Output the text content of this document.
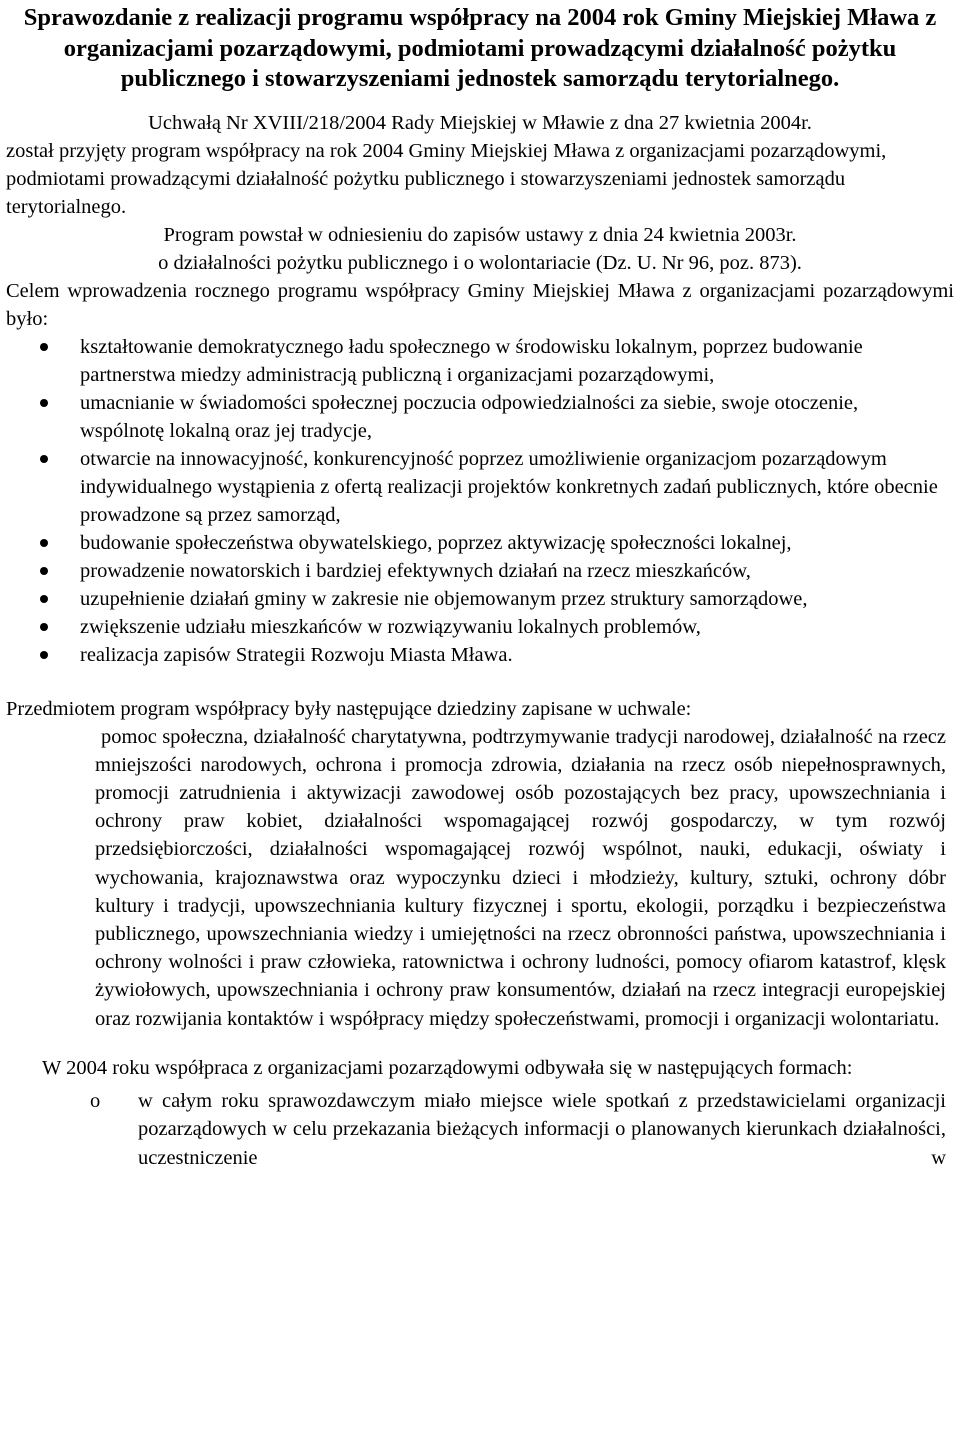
Sprawozdanie z realizacji programu współpracy na 2004 rok Gminy Miejskiej Mława z organizacjami pozarządowymi, podmiotami prowadzącymi działalność pożytku publicznego i stowarzyszeniami jednostek samorządu terytorialnego.

Uchwałą Nr XVIII/218/2004 Rady Miejskiej w Mławie z dna 27 kwietnia 2004r.

został przyjęty program współpracy na rok 2004 Gminy Miejskiej Mława z organizacjami pozarządowymi, podmiotami prowadzącymi działalność pożytku publicznego i stowarzyszeniami jednostek samorządu terytorialnego.

Program powstał w odniesieniu do zapisów ustawy z dnia 24 kwietnia 2003r.

o działalności pożytku publicznego i o wolontariacie (Dz. U. Nr 96, poz. 873).

Celem wprowadzenia rocznego programu współpracy Gminy Miejskiej Mława z organizacjami pozarządowymi było:

kształtowanie demokratycznego ładu społecznego w środowisku lokalnym, poprzez budowanie partnerstwa miedzy administracją publiczną i organizacjami pozarządowymi,
umacnianie w świadomości społecznej poczucia odpowiedzialności za siebie, swoje otoczenie, wspólnotę lokalną oraz jej tradycje,
otwarcie na innowacyjność, konkurencyjność poprzez umożliwienie organizacjom pozarządowym indywidualnego wystąpienia z ofertą realizacji projektów konkretnych zadań publicznych, które obecnie prowadzone są przez samorząd,
budowanie społeczeństwa obywatelskiego, poprzez aktywizację społeczności lokalnej,
prowadzenie nowatorskich i bardziej efektywnych działań na rzecz mieszkańców,
uzupełnienie działań gminy w zakresie nie objemowanym przez struktury samorządowe,
zwiększenie udziału mieszkańców w rozwiązywaniu lokalnych problemów,
realizacja zapisów Strategii Rozwoju Miasta Mława.

Przedmiotem program współpracy były następujące dziedziny zapisane w uchwale:

pomoc społeczna, działalność charytatywna, podtrzymywanie tradycji narodowej, działalność na rzecz mniejszości narodowych, ochrona i promocja zdrowia, działania na rzecz osób niepełnosprawnych, promocji zatrudnienia i aktywizacji zawodowej osób pozostających bez pracy, upowszechniania i ochrony praw kobiet, działalności wspomagającej rozwój gospodarczy, w tym rozwój przedsiębiorczości, działalności wspomagającej rozwój wspólnot, nauki, edukacji, oświaty i wychowania, krajoznawstwa oraz wypoczynku dzieci i młodzieży, kultury, sztuki, ochrony dóbr kultury i tradycji, upowszechniania kultury fizycznej i sportu, ekologii, porządku i bezpieczeństwa publicznego, upowszechniania wiedzy i umiejętności na rzecz obronności państwa, upowszechniania i ochrony wolności i praw człowieka, ratownictwa i ochrony ludności, pomocy ofiarom katastrof, klęsk żywiołowych, upowszechniania i ochrony praw konsumentów, działań na rzecz integracji europejskiej oraz rozwijania kontaktów i współpracy między społeczeństwami, promocji i organizacji wolontariatu.

W 2004 roku współpraca z organizacjami pozarządowymi odbywała się w następujących formach:

o w całym roku sprawozdawczym miało miejsce wiele spotkań z przedstawicielami organizacji pozarządowych w celu przekazania bieżących informacji o planowanych kierunkach działalności, uczestniczenie w
